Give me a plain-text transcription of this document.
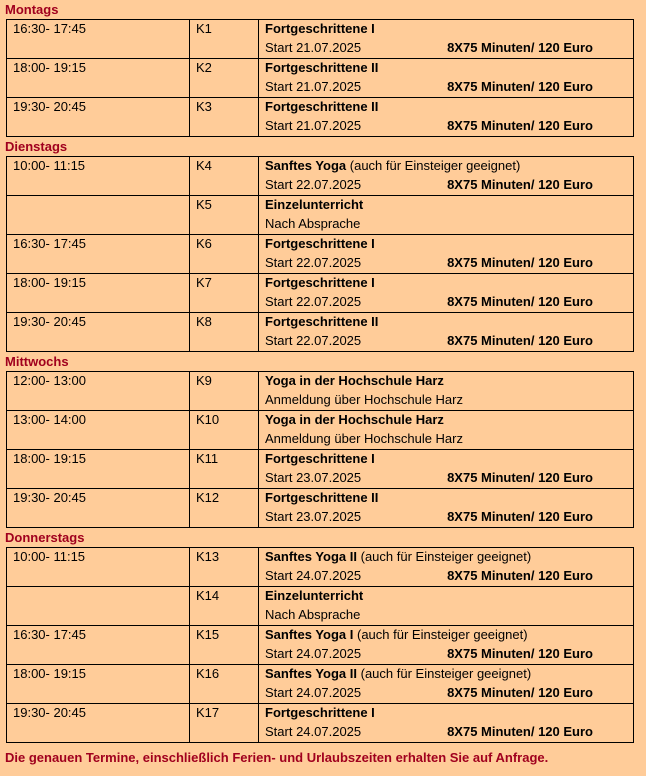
Montags
16:30- 17:45	K1	Fortgeschrittene I
Start 21.07.2025 8X75 Minuten/ 120 Euro

18:00- 19:15	K2	Fortgeschrittene II
Start 21.07.2025 8X75 Minuten/ 120 Euro

19:30- 20:45	K3	Fortgeschrittene II
Start 21.07.2025 8X75 Minuten/ 120 Euro
Dienstags
10:00- 11:15	K4	Sanftes Yoga (auch für Einsteiger geeignet)
Start 22.07.2025 8X75 Minuten/ 120 Euro

	K5	Einzelunterricht
Nach Absprache

16:30- 17:45	K6	Fortgeschrittene I
Start 22.07.2025 8X75 Minuten/ 120 Euro

18:00- 19:15	K7	Fortgeschrittene I
Start 22.07.2025 8X75 Minuten/ 120 Euro

19:30- 20:45	K8	Fortgeschrittene II
Start 22.07.2025 8X75 Minuten/ 120 Euro
Mittwochs
12:00- 13:00	K9	Yoga in der Hochschule Harz
Anmeldung über Hochschule Harz

13:00- 14:00	K10	Yoga in der Hochschule Harz
Anmeldung über Hochschule Harz

18:00- 19:15	K11	Fortgeschrittene I
Start 23.07.2025 8X75 Minuten/ 120 Euro

19:30- 20:45	K12	Fortgeschrittene II
Start 23.07.2025 8X75 Minuten/ 120 Euro
Donnerstags
10:00- 11:15	K13	Sanftes Yoga II (auch für Einsteiger geeignet)
Start 24.07.2025 8X75 Minuten/ 120 Euro

	K14	Einzelunterricht
Nach Absprache

16:30- 17:45	K15	Sanftes Yoga I (auch für Einsteiger geeignet)
Start 24.07.2025 8X75 Minuten/ 120 Euro

18:00- 19:15	K16	Sanftes Yoga II (auch für Einsteiger geeignet)
Start 24.07.2025 8X75 Minuten/ 120 Euro

19:30- 20:45	K17	Fortgeschrittene I
Start 24.07.2025 8X75 Minuten/ 120 Euro
Die genauen Termine, einschließlich Ferien- und Urlaubszeiten erhalten Sie auf Anfrage.
